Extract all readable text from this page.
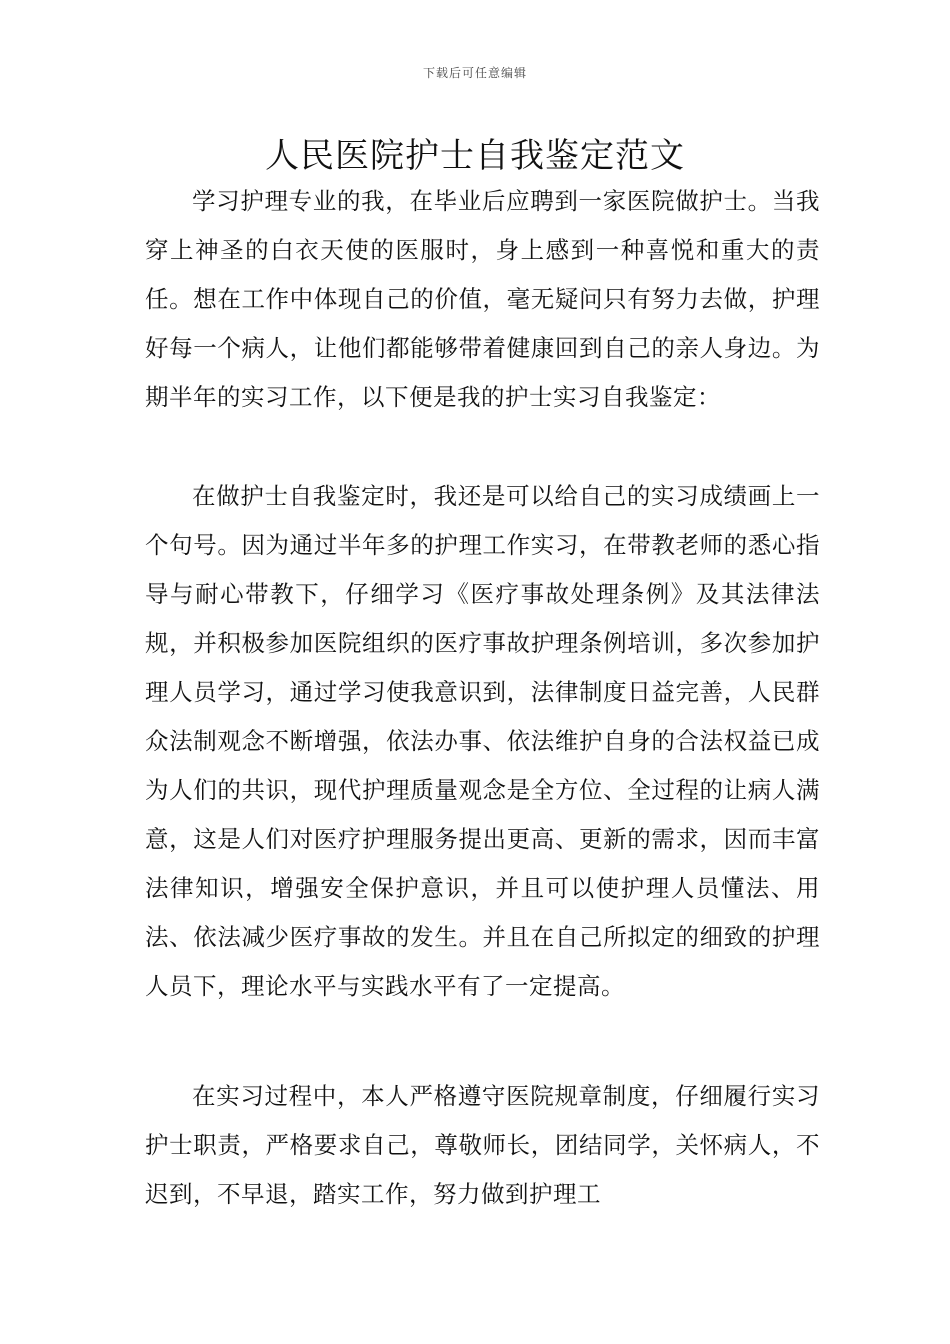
下载后可任意编辑
人民医院护士自我鉴定范文

学习护理专业的我，在毕业后应聘到一家医院做护士。当我穿上神圣的白衣天使的医服时，身上感到一种喜悦和重大的责任。想在工作中体现自己的价值，毫无疑问只有努力去做，护理好每一个病人，让他们都能够带着健康回到自己的亲人身边。为期半年的实习工作，以下便是我的护士实习自我鉴定：

在做护士自我鉴定时，我还是可以给自己的实习成绩画上一个句号。因为通过半年多的护理工作实习，在带教老师的悉心指导与耐心带教下，仔细学习《医疗事故处理条例》及其法律法规，并积极参加医院组织的医疗事故护理条例培训，多次参加护理人员学习，通过学习使我意识到，法律制度日益完善，人民群众法制观念不断增强，依法办事、依法维护自身的合法权益已成为人们的共识，现代护理质量观念是全方位、全过程的让病人满意，这是人们对医疗护理服务提出更高、更新的需求，因而丰富法律知识，增强安全保护意识，并且可以使护理人员懂法、用法、依法减少医疗事故的发生。并且在自己所拟定的细致的护理人员下，理论水平与实践水平有了一定提高。

在实习过程中，本人严格遵守医院规章制度，仔细履行实习护士职责，严格要求自己，尊敬师长，团结同学，关怀病人，不迟到，不早退，踏实工作，努力做到护理工
